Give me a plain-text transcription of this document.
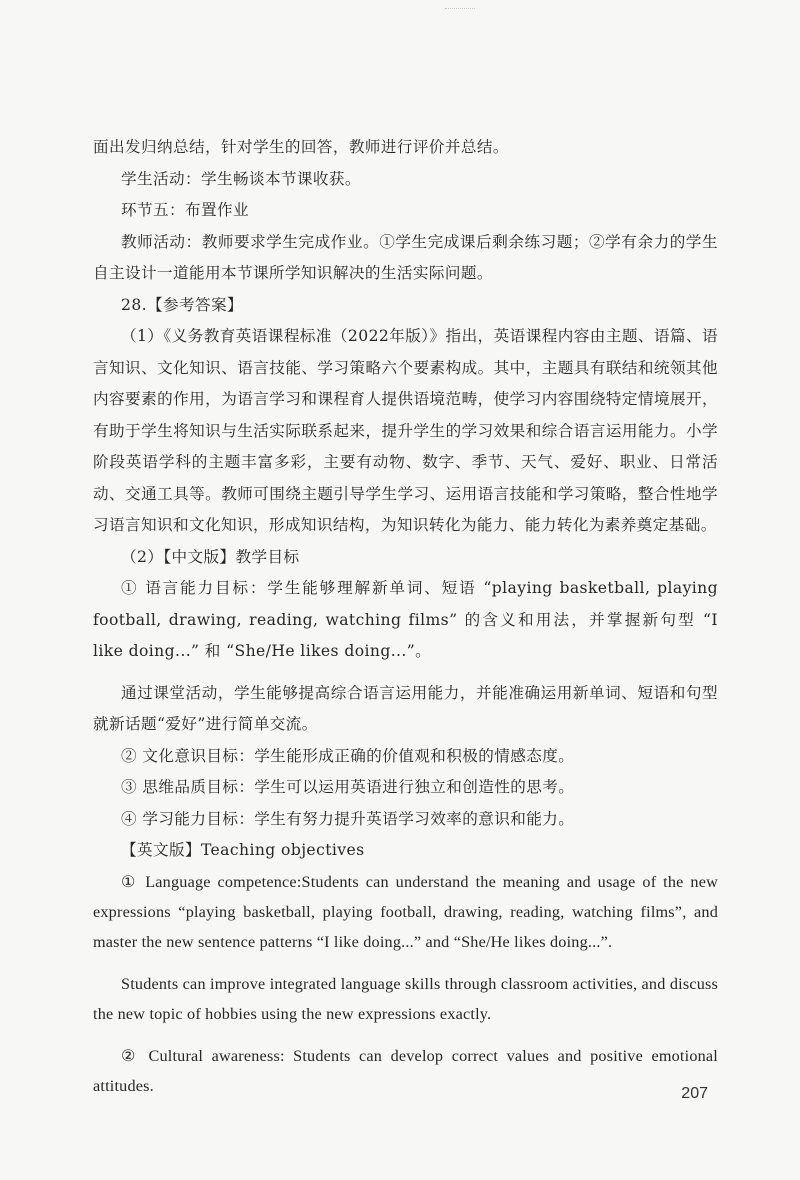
面出发归纳总结，针对学生的回答，教师进行评价并总结。

学生活动：学生畅谈本节课收获。

环节五：布置作业

教师活动：教师要求学生完成作业。①学生完成课后剩余练习题；②学有余力的学生自主设计一道能用本节课所学知识解决的生活实际问题。

28.【参考答案】

（1）《义务教育英语课程标准（2022年版）》指出，英语课程内容由主题、语篇、语言知识、文化知识、语言技能、学习策略六个要素构成。其中，主题具有联结和统领其他内容要素的作用，为语言学习和课程育人提供语境范畴，使学习内容围绕特定情境展开，有助于学生将知识与生活实际联系起来，提升学生的学习效果和综合语言运用能力。小学阶段英语学科的主题丰富多彩，主要有动物、数字、季节、天气、爱好、职业、日常活动、交通工具等。教师可围绕主题引导学生学习、运用语言技能和学习策略，整合性地学习语言知识和文化知识，形成知识结构，为知识转化为能力、能力转化为素养奠定基础。

（2）【中文版】教学目标

① 语言能力目标：学生能够理解新单词、短语 “playing basketball, playing football, drawing, reading, watching films” 的含义和用法，并掌握新句型 “I like doing...” 和 “She/He likes doing...”。

通过课堂活动，学生能够提高综合语言运用能力，并能准确运用新单词、短语和句型就新话题“爱好”进行简单交流。

② 文化意识目标：学生能形成正确的价值观和积极的情感态度。

③ 思维品质目标：学生可以运用英语进行独立和创造性的思考。

④ 学习能力目标：学生有努力提升英语学习效率的意识和能力。

【英文版】Teaching objectives

① Language competence:Students can understand the meaning and usage of the new expressions “playing basketball, playing football, drawing, reading, watching films”, and master the new sentence patterns “I like doing...” and “She/He likes doing...”.

Students can improve integrated language skills through classroom activities, and discuss the new topic of hobbies using the new expressions exactly.

② Cultural awareness: Students can develop correct values and positive emotional attitudes.	207
